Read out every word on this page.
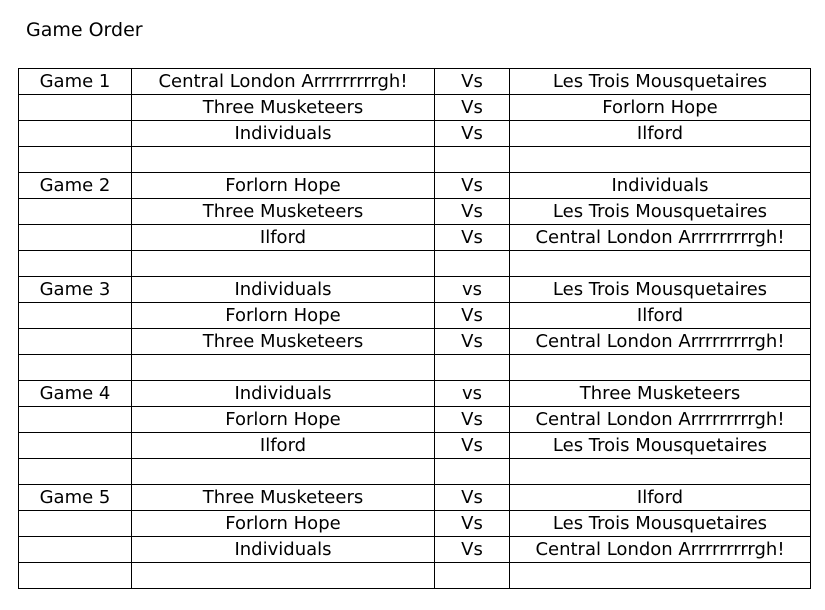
Game Order
Game 1	Central London Arrrrrrrrrgh!	Vs	Les Trois Mousquetaires
	Three Musketeers	Vs	Forlorn Hope
	Individuals	Vs	Ilford

Game 2	Forlorn Hope	Vs	Individuals
	Three Musketeers	Vs	Les Trois Mousquetaires
	Ilford	Vs	Central London Arrrrrrrrrgh!

Game 3	Individuals	vs	Les Trois Mousquetaires
	Forlorn Hope	Vs	Ilford
	Three Musketeers	Vs	Central London Arrrrrrrrrgh!

Game 4	Individuals	vs	Three Musketeers
	Forlorn Hope	Vs	Central London Arrrrrrrrrgh!
	Ilford	Vs	Les Trois Mousquetaires

Game 5	Three Musketeers	Vs	Ilford
	Forlorn Hope	Vs	Les Trois Mousquetaires
	Individuals	Vs	Central London Arrrrrrrrrgh!
